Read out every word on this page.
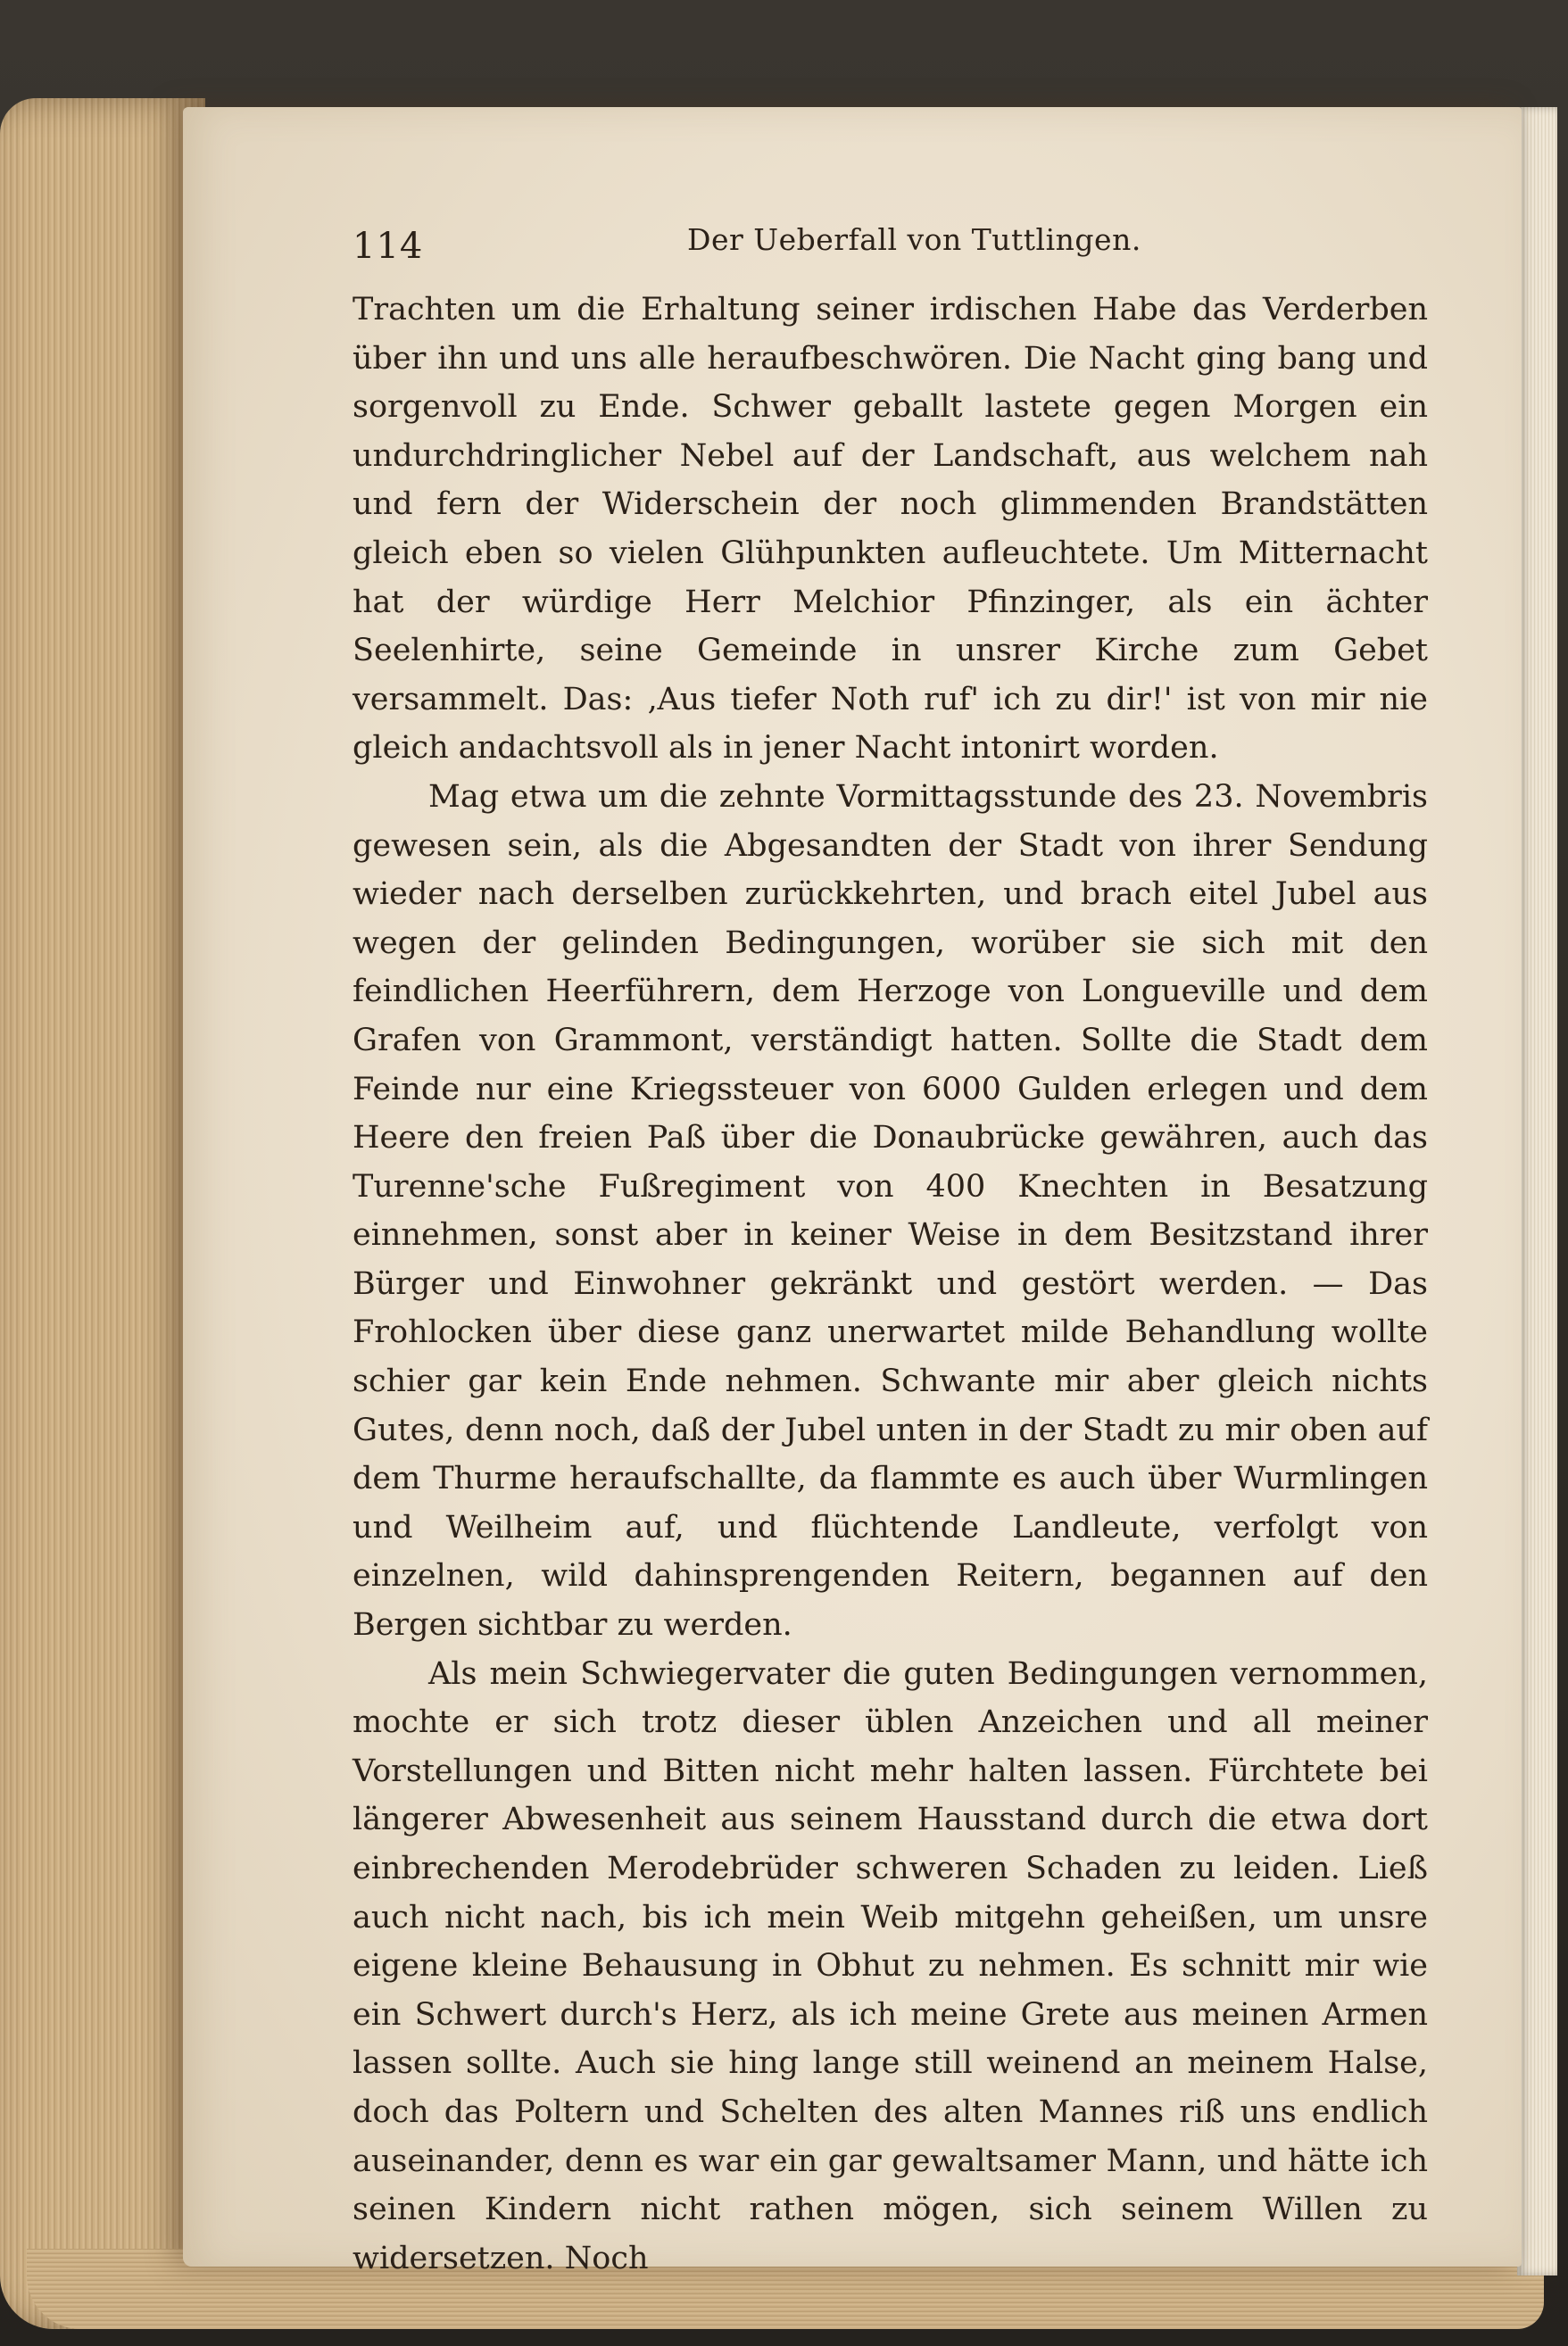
114	Der Ueberfall von Tuttlingen.

Trachten um die Erhaltung seiner irdischen Habe das Verderben über ihn und uns alle heraufbeschwören. Die Nacht ging bang und sorgenvoll zu Ende. Schwer geballt lastete gegen Morgen ein undurchdringlicher Nebel auf der Landschaft, aus welchem nah und fern der Widerschein der noch glimmenden Brandstätten gleich eben so vielen Glühpunkten aufleuchtete. Um Mitternacht hat der würdige Herr Melchior Pfinzinger, als ein ächter Seelenhirte, seine Gemeinde in unsrer Kirche zum Gebet versammelt. Das: ‚Aus tiefer Noth ruf' ich zu dir!' ist von mir nie gleich andachtsvoll als in jener Nacht intonirt worden.

Mag etwa um die zehnte Vormittagsstunde des 23. Novembris gewesen sein, als die Abgesandten der Stadt von ihrer Sendung wieder nach derselben zurückkehrten, und brach eitel Jubel aus wegen der gelinden Bedingungen, worüber sie sich mit den feindlichen Heerführern, dem Herzoge von Longueville und dem Grafen von Grammont, verständigt hatten. Sollte die Stadt dem Feinde nur eine Kriegssteuer von 6000 Gulden erlegen und dem Heere den freien Paß über die Donaubrücke gewähren, auch das Turenne'sche Fußregiment von 400 Knechten in Besatzung einnehmen, sonst aber in keiner Weise in dem Besitzstand ihrer Bürger und Einwohner gekränkt und gestört werden. — Das Frohlocken über diese ganz unerwartet milde Behandlung wollte schier gar kein Ende nehmen. Schwante mir aber gleich nichts Gutes, denn noch, daß der Jubel unten in der Stadt zu mir oben auf dem Thurme heraufschallte, da flammte es auch über Wurmlingen und Weilheim auf, und flüchtende Landleute, verfolgt von einzelnen, wild dahinsprengenden Reitern, begannen auf den Bergen sichtbar zu werden.

Als mein Schwiegervater die guten Bedingungen vernommen, mochte er sich trotz dieser üblen Anzeichen und all meiner Vorstellungen und Bitten nicht mehr halten lassen. Fürchtete bei längerer Abwesenheit aus seinem Hausstand durch die etwa dort einbrechenden Merodebrüder schweren Schaden zu leiden. Ließ auch nicht nach, bis ich mein Weib mitgehn geheißen, um unsre eigene kleine Behausung in Obhut zu nehmen. Es schnitt mir wie ein Schwert durch's Herz, als ich meine Grete aus meinen Armen lassen sollte. Auch sie hing lange still weinend an meinem Halse, doch das Poltern und Schelten des alten Mannes riß uns endlich auseinander, denn es war ein gar gewaltsamer Mann, und hätte ich seinen Kindern nicht rathen mögen, sich seinem Willen zu widersetzen. Noch
